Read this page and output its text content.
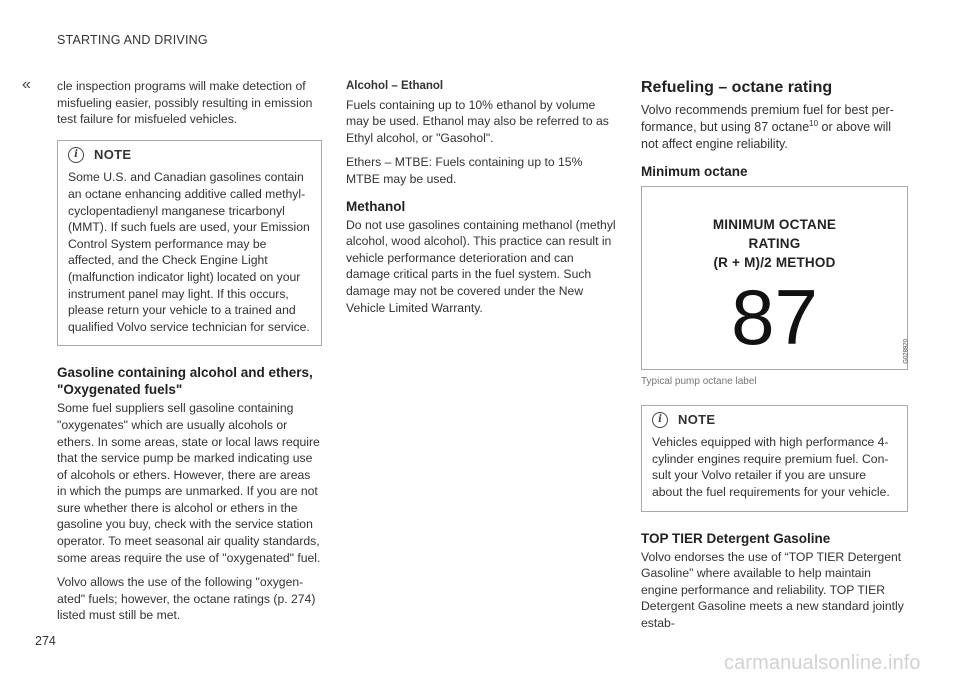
STARTING AND DRIVING
« cle inspection programs will make detection of misfueling easier, possibly resulting in emission test failure for misfueled vehicles.

i	NOTE
Some U.S. and Canadian gasolines contain an octane enhancing additive called methyl-cyclopentadienyl manganese tricarbonyl (MMT). If such fuels are used, your Emission Control System performance may be affected, and the Check Engine Light (malfunction indicator light) located on your instrument panel may light. If this occurs, please return your vehicle to a trained and qualified Volvo service technician for service.
Gasoline containing alcohol and ethers, "Oxygenated fuels"

Some fuel suppliers sell gasoline containing "oxygenates" which are usually alcohols or ethers. In some areas, state or local laws require that the service pump be marked indicating use of alcohols or ethers. However, there are areas in which the pumps are unmarked. If you are not sure whether there is alcohol or ethers in the gasoline you buy, check with the service station operator. To meet seasonal air quality standards, some areas require the use of "oxygenated" fuel.

Volvo allows the use of the following "oxygen-ated" fuels; however, the octane ratings (p. 274) listed must still be met.

Alcohol – Ethanol

Fuels containing up to 10% ethanol by volume may be used. Ethanol may also be referred to as Ethyl alcohol, or "Gasohol".

Ethers – MTBE: Fuels containing up to 15% MTBE may be used.

Methanol

Do not use gasolines containing methanol (methyl alcohol, wood alcohol). This practice can result in vehicle performance deterioration and can damage critical parts in the fuel system. Such damage may not be covered under the New Vehicle Limited Warranty.

Refueling – octane rating

Volvo recommends premium fuel for best per-formance, but using 87 octane$^{10}$ or above will not affect engine reliability.

Minimum octane
MINIMUM OCTANE
RATING
(R + M)/2 METHOD
87	G028920
Typical pump octane label
i	NOTE
Vehicles equipped with high performance 4-cylinder engines require premium fuel. Con-sult your Volvo retailer if you are unsure about the fuel requirements for your vehicle.
TOP TIER Detergent Gasoline

Volvo endorses the use of “TOP TIER Detergent Gasoline" where available to help maintain engine performance and reliability. TOP TIER Detergent Gasoline meets a new standard jointly estab-

274
carmanualsonline.info
